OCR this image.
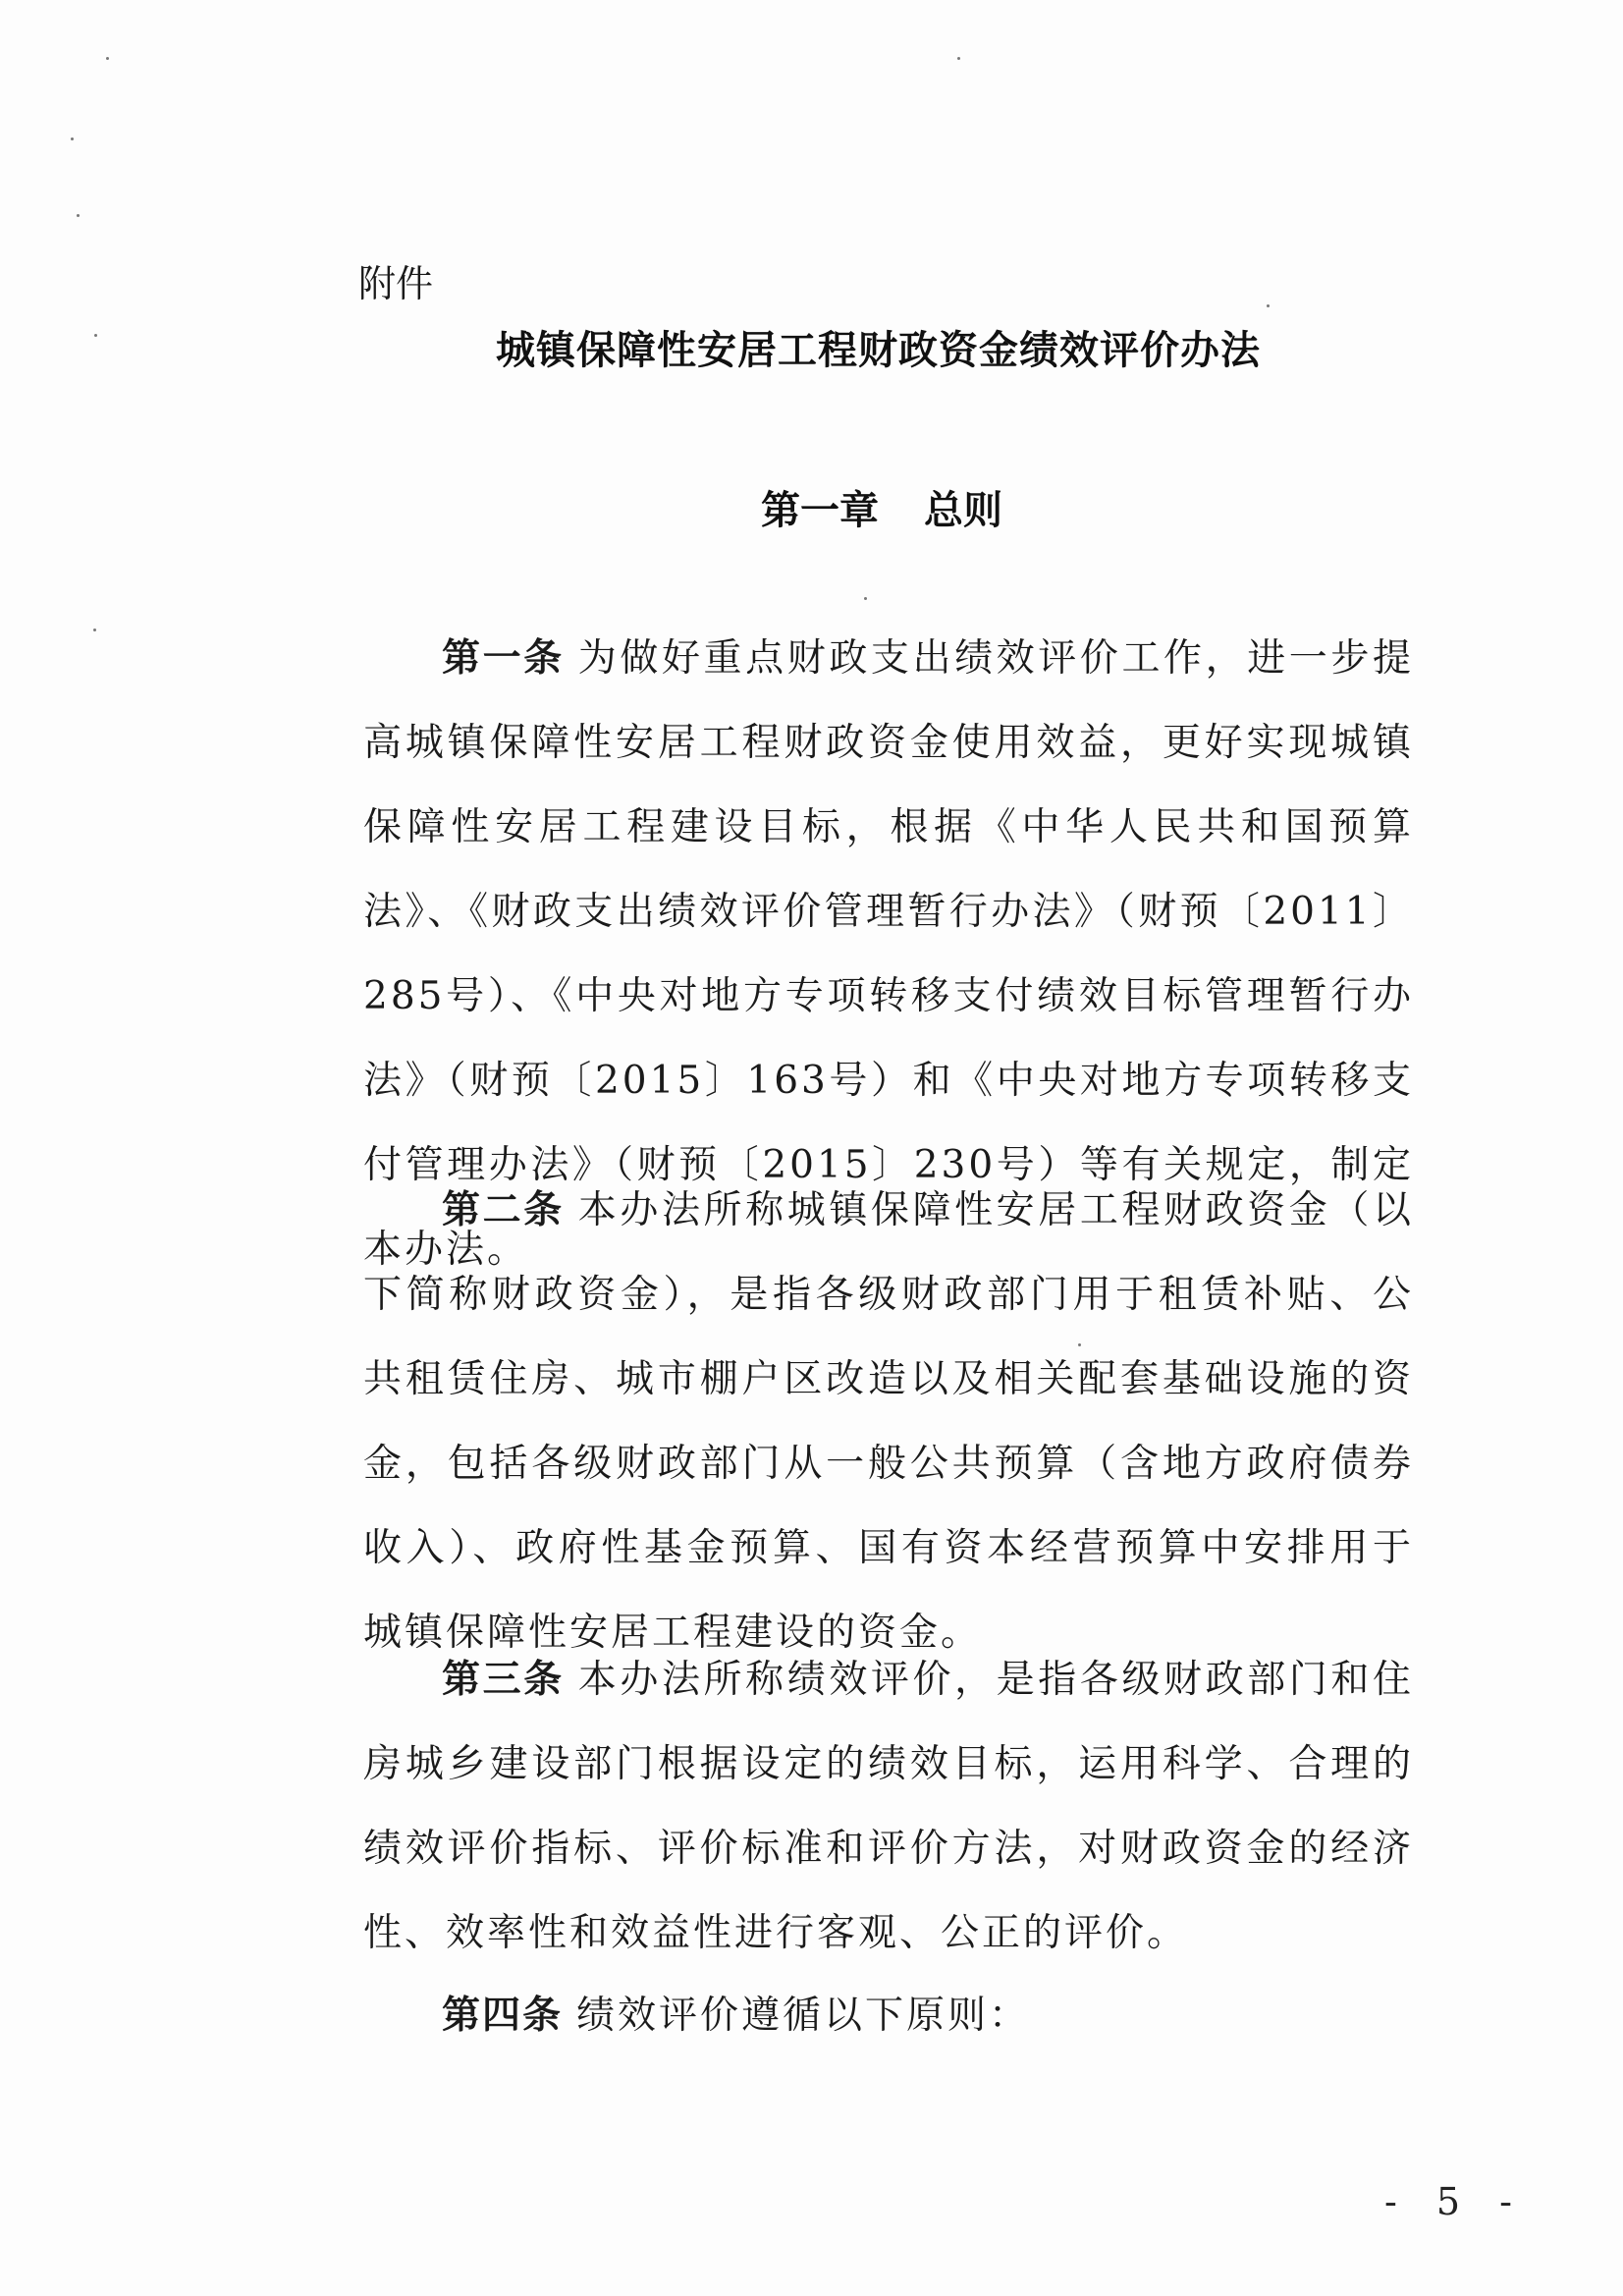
附件
城镇保障性安居工程财政资金绩效评价办法
第一章 总则

第一条 为做好重点财政支出绩效评价工作，进一步提高城镇保障性安居工程财政资金使用效益，更好实现城镇保障性安居工程建设目标，根据《中华人民共和国预算法》、《财政支出绩效评价管理暂行办法》（财预〔2011〕285号）、《中央对地方专项转移支付绩效目标管理暂行办法》（财预〔2015〕163号）和《中央对地方专项转移支付管理办法》（财预〔2015〕230号）等有关规定，制定本办法。

第二条 本办法所称城镇保障性安居工程财政资金（以下简称财政资金），是指各级财政部门用于租赁补贴、公共租赁住房、城市棚户区改造以及相关配套基础设施的资金，包括各级财政部门从一般公共预算（含地方政府债券收入）、政府性基金预算、国有资本经营预算中安排用于城镇保障性安居工程建设的资金。

第三条 本办法所称绩效评价，是指各级财政部门和住房城乡建设部门根据设定的绩效目标，运用科学、合理的绩效评价指标、评价标准和评价方法，对财政资金的经济性、效率性和效益性进行客观、公正的评价。

第四条 绩效评价遵循以下原则：

- 5 -
